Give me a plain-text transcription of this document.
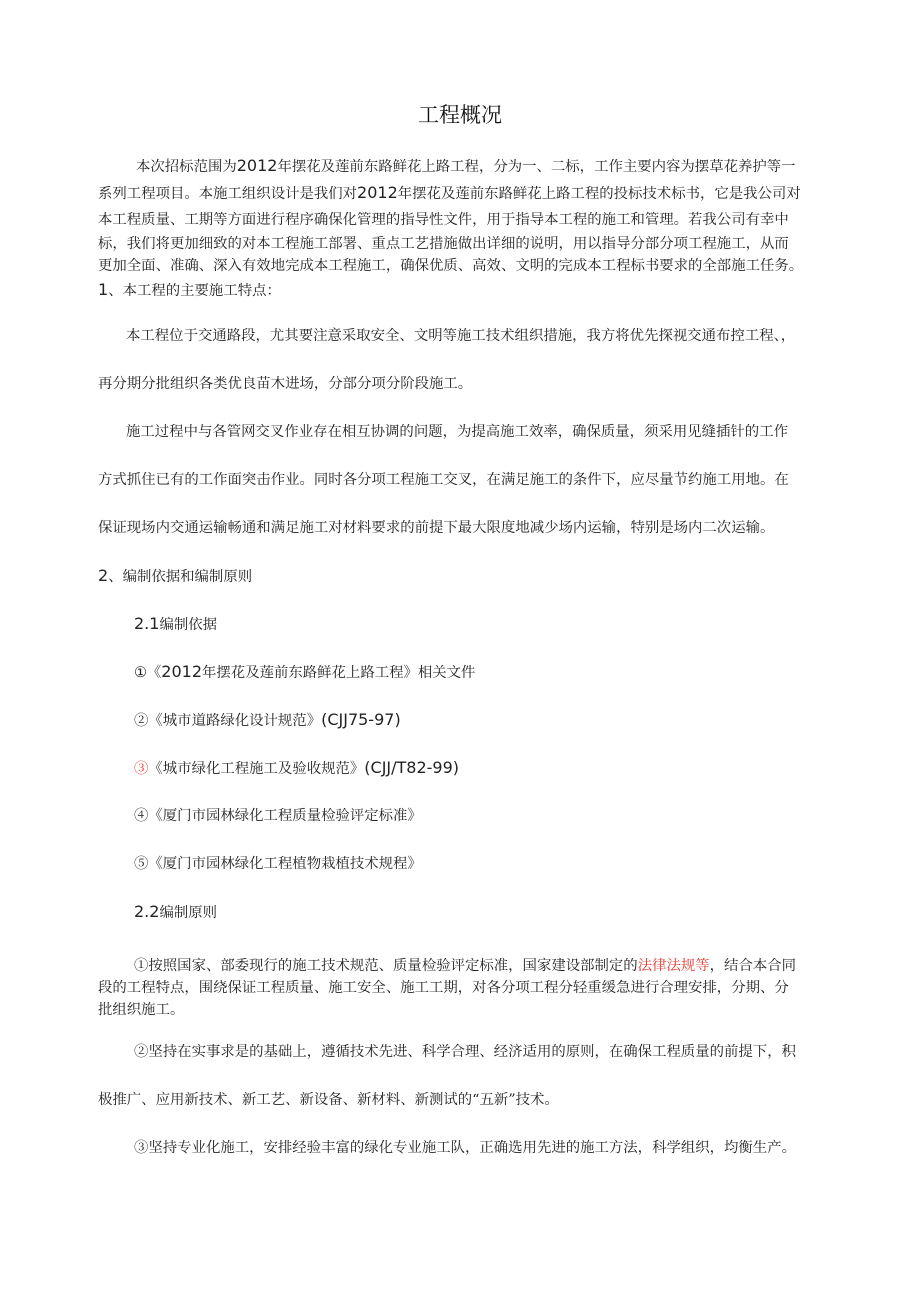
工程概况
本次招标范围为2012年摆花及莲前东路鲜花上路工程，分为一、二标，工作主要内容为摆草花养护等一
系列工程项目。本施工组织设计是我们对2012年摆花及莲前东路鲜花上路工程的投标技术标书，它是我公司对
本工程质量、工期等方面进行程序确保化管理的指导性文件，用于指导本工程的施工和管理。若我公司有幸中
标，我们将更加细致的对本工程施工部署、重点工艺措施做出详细的说明，用以指导分部分项工程施工，从而
更加全面、准确、深入有效地完成本工程施工，确保优质、高效、文明的完成本工程标书要求的全部施工任务。
1、本工程的主要施工特点：
本工程位于交通路段，尤其要注意采取安全、文明等施工技术组织措施，我方将优先探视交通布控工程、，
再分期分批组织各类优良苗木进场，分部分项分阶段施工。
施工过程中与各管网交叉作业存在相互协调的问题，为提高施工效率，确保质量，须采用见缝插针的工作
方式抓住已有的工作面突击作业。同时各分项工程施工交叉，在满足施工的条件下，应尽量节约施工用地。在
保证现场内交通运输畅通和满足施工对材料要求的前提下最大限度地减少场内运输，特别是场内二次运输。
2、编制依据和编制原则
2.1编制依据
①《2012年摆花及莲前东路鲜花上路工程》相关文件
②《城市道路绿化设计规范》(CJJ75-97)
③《城市绿化工程施工及验收规范》(CJJ/T82-99)
④《厦门市园林绿化工程质量检验评定标准》
⑤《厦门市园林绿化工程植物栽植技术规程》
2.2编制原则
①按照国家、部委现行的施工技术规范、质量检验评定标准，国家建设部制定的法律法规等，结合本合同
段的工程特点，围绕保证工程质量、施工安全、施工工期，对各分项工程分轻重缓急进行合理安排，分期、分
批组织施工。
②坚持在实事求是的基础上，遵循技术先进、科学合理、经济适用的原则，在确保工程质量的前提下，积
极推广、应用新技术、新工艺、新设备、新材料、新测试的“五新”技术。
③坚持专业化施工，安排经验丰富的绿化专业施工队，正确选用先进的施工方法，科学组织，均衡生产。
